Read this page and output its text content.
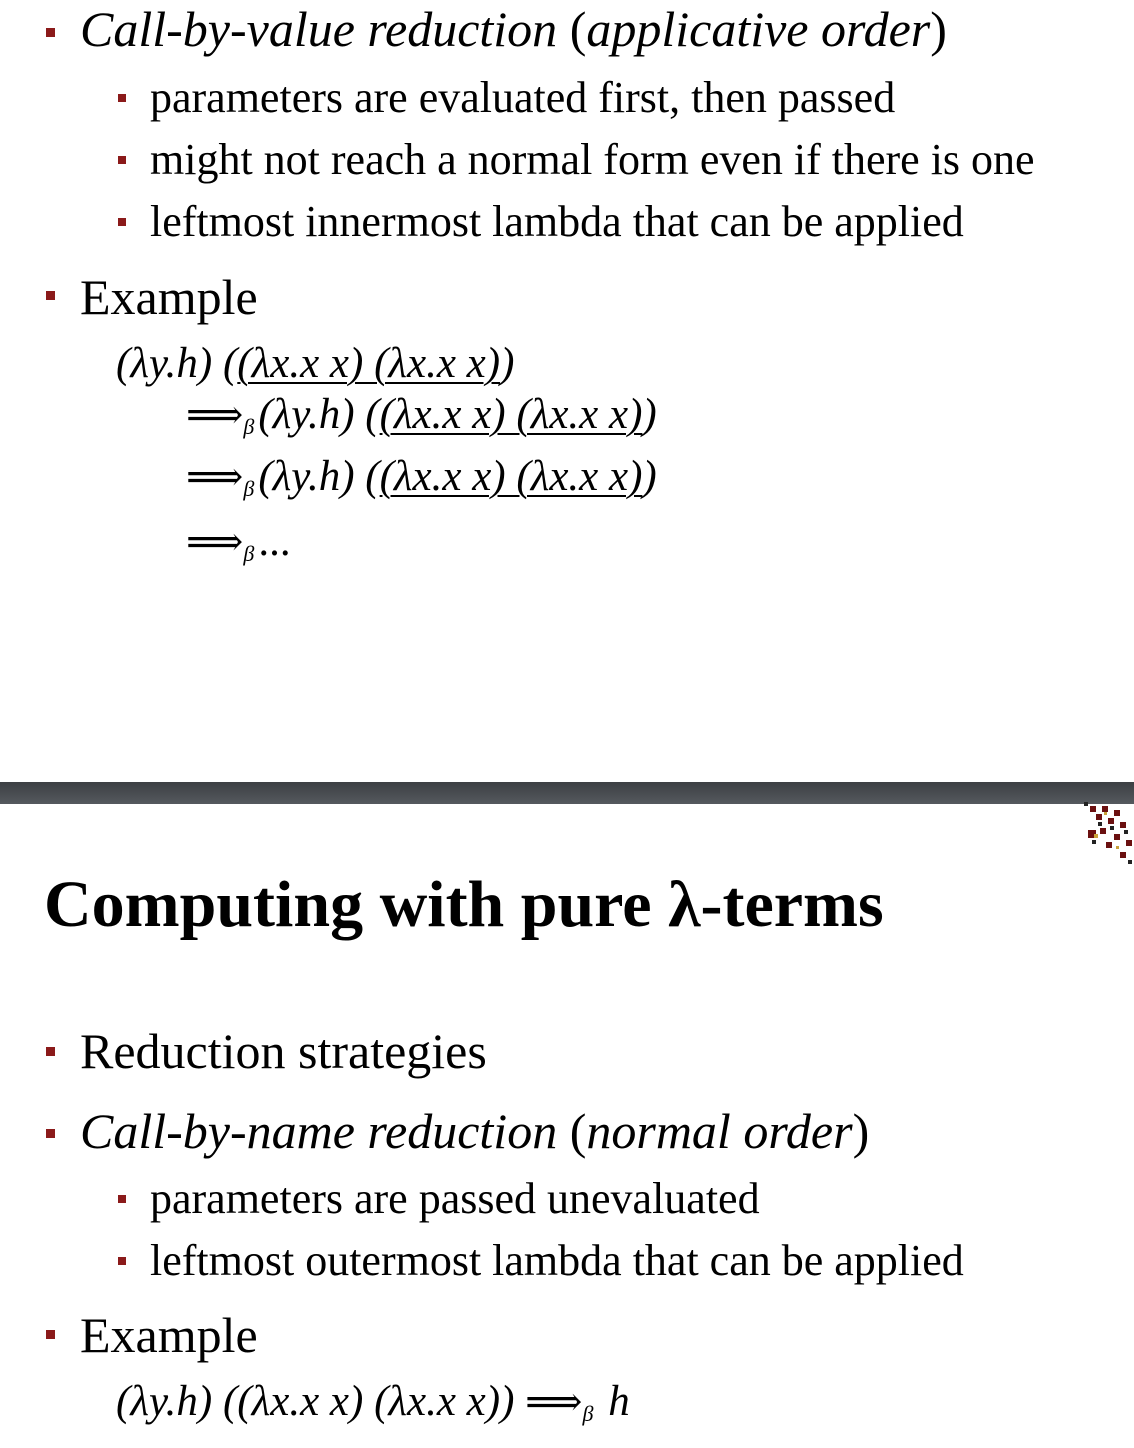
Call-by-value reduction (applicative order)
parameters are evaluated first, then passed
might not reach a normal form even if there is one
leftmost innermost lambda that can be applied
Example
(λy.h) ((λx.x x) (λx.x x))
⟹β(λy.h) ((λx.x x) (λx.x x))
⟹β(λy.h) ((λx.x x) (λx.x x))
⟹β...
Computing with pure λ-terms
Reduction strategies
Call-by-name reduction (normal order)
parameters are passed unevaluated
leftmost outermost lambda that can be applied
Example
(λy.h) ((λx.x x) (λx.x x)) ⟹β h
